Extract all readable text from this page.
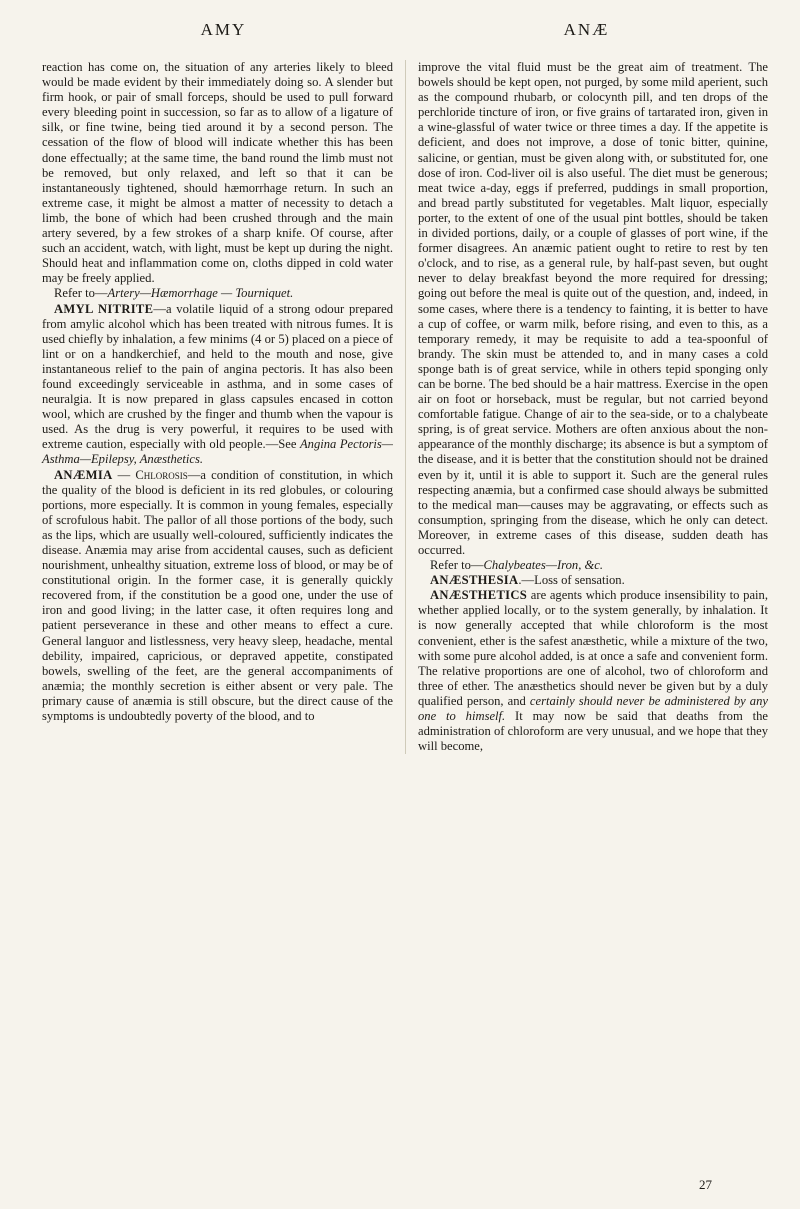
AMY	ANÆ

reaction has come on, the situation of any arteries likely to bleed would be made evident by their immediately doing so. A slender but firm hook, or pair of small forceps, should be used to pull forward every bleeding point in succession, so far as to allow of a ligature of silk, or fine twine, being tied around it by a second person. The cessation of the flow of blood will indicate whether this has been done effectually; at the same time, the band round the limb must not be removed, but only relaxed, and left so that it can be instantaneously tightened, should hæmorrhage return. In such an extreme case, it might be almost a matter of necessity to detach a limb, the bone of which had been crushed through and the main artery severed, by a few strokes of a sharp knife. Of course, after such an accident, watch, with light, must be kept up during the night. Should heat and inflammation come on, cloths dipped in cold water may be freely applied.

Refer to—Artery—Hæmorrhage — Tourniquet.

AMYL NITRITE—a volatile liquid of a strong odour prepared from amylic alcohol which has been treated with nitrous fumes. It is used chiefly by inhalation, a few minims (4 or 5) placed on a piece of lint or on a handkerchief, and held to the mouth and nose, give instantaneous relief to the pain of angina pectoris. It has also been found exceedingly serviceable in asthma, and in some cases of neuralgia. It is now prepared in glass capsules encased in cotton wool, which are crushed by the finger and thumb when the vapour is used. As the drug is very powerful, it requires to be used with extreme caution, especially with old people.—See Angina Pectoris—Asthma—Epilepsy, Anæsthetics.

ANÆMIA — Chlorosis—a condition of constitution, in which the quality of the blood is deficient in its red globules, or colouring portions, more especially. It is common in young females, especially of scrofulous habit. The pallor of all those portions of the body, such as the lips, which are usually well-coloured, sufficiently indicates the disease. Anæmia may arise from accidental causes, such as deficient nourishment, unhealthy situation, extreme loss of blood, or may be of constitutional origin. In the former case, it is generally quickly recovered from, if the constitution be a good one, under the use of iron and good living; in the latter case, it often requires long and patient perseverance in these and other means to effect a cure. General languor and listlessness, very heavy sleep, headache, mental debility, impaired, capricious, or depraved appetite, constipated bowels, swelling of the feet, are the general accompaniments of anæmia; the monthly secretion is either absent or very pale. The primary cause of anæmia is still obscure, but the direct cause of the symptoms is undoubtedly poverty of the blood, and to

improve the vital fluid must be the great aim of treatment. The bowels should be kept open, not purged, by some mild aperient, such as the compound rhubarb, or colocynth pill, and ten drops of the perchloride tincture of iron, or five grains of tartarated iron, given in a wine-glassful of water twice or three times a day. If the appetite is deficient, and does not improve, a dose of tonic bitter, quinine, salicine, or gentian, must be given along with, or substituted for, one dose of iron. Cod-liver oil is also useful. The diet must be generous; meat twice a-day, eggs if preferred, puddings in small proportion, and bread partly substituted for vegetables. Malt liquor, especially porter, to the extent of one of the usual pint bottles, should be taken in divided portions, daily, or a couple of glasses of port wine, if the former disagrees. An anæmic patient ought to retire to rest by ten o'clock, and to rise, as a general rule, by half-past seven, but ought never to delay breakfast beyond the more required for dressing; going out before the meal is quite out of the question, and, indeed, in some cases, where there is a tendency to fainting, it is better to have a cup of coffee, or warm milk, before rising, and even to this, as a temporary remedy, it may be requisite to add a tea-spoonful of brandy. The skin must be attended to, and in many cases a cold sponge bath is of great service, while in others tepid sponging only can be borne. The bed should be a hair mattress. Exercise in the open air on foot or horseback, must be regular, but not carried beyond comfortable fatigue. Change of air to the sea-side, or to a chalybeate spring, is of great service. Mothers are often anxious about the non-appearance of the monthly discharge; its absence is but a symptom of the disease, and it is better that the constitution should not be drained even by it, until it is able to support it. Such are the general rules respecting anæmia, but a confirmed case should always be submitted to the medical man—causes may be aggravating, or effects such as consumption, springing from the disease, which he only can detect. Moreover, in extreme cases of this disease, sudden death has occurred.

Refer to—Chalybeates—Iron, &c.

ANÆSTHESIA.—Loss of sensation.

ANÆSTHETICS are agents which produce insensibility to pain, whether applied locally, or to the system generally, by inhalation. It is now generally accepted that while chloroform is the most convenient, ether is the safest anæsthetic, while a mixture of the two, with some pure alcohol added, is at once a safe and convenient form. The relative proportions are one of alcohol, two of chloroform and three of ether. The anæsthetics should never be given but by a duly qualified person, and certainly should never be administered by any one to himself. It may now be said that deaths from the administration of chloroform are very unusual, and we hope that they will become,

27
